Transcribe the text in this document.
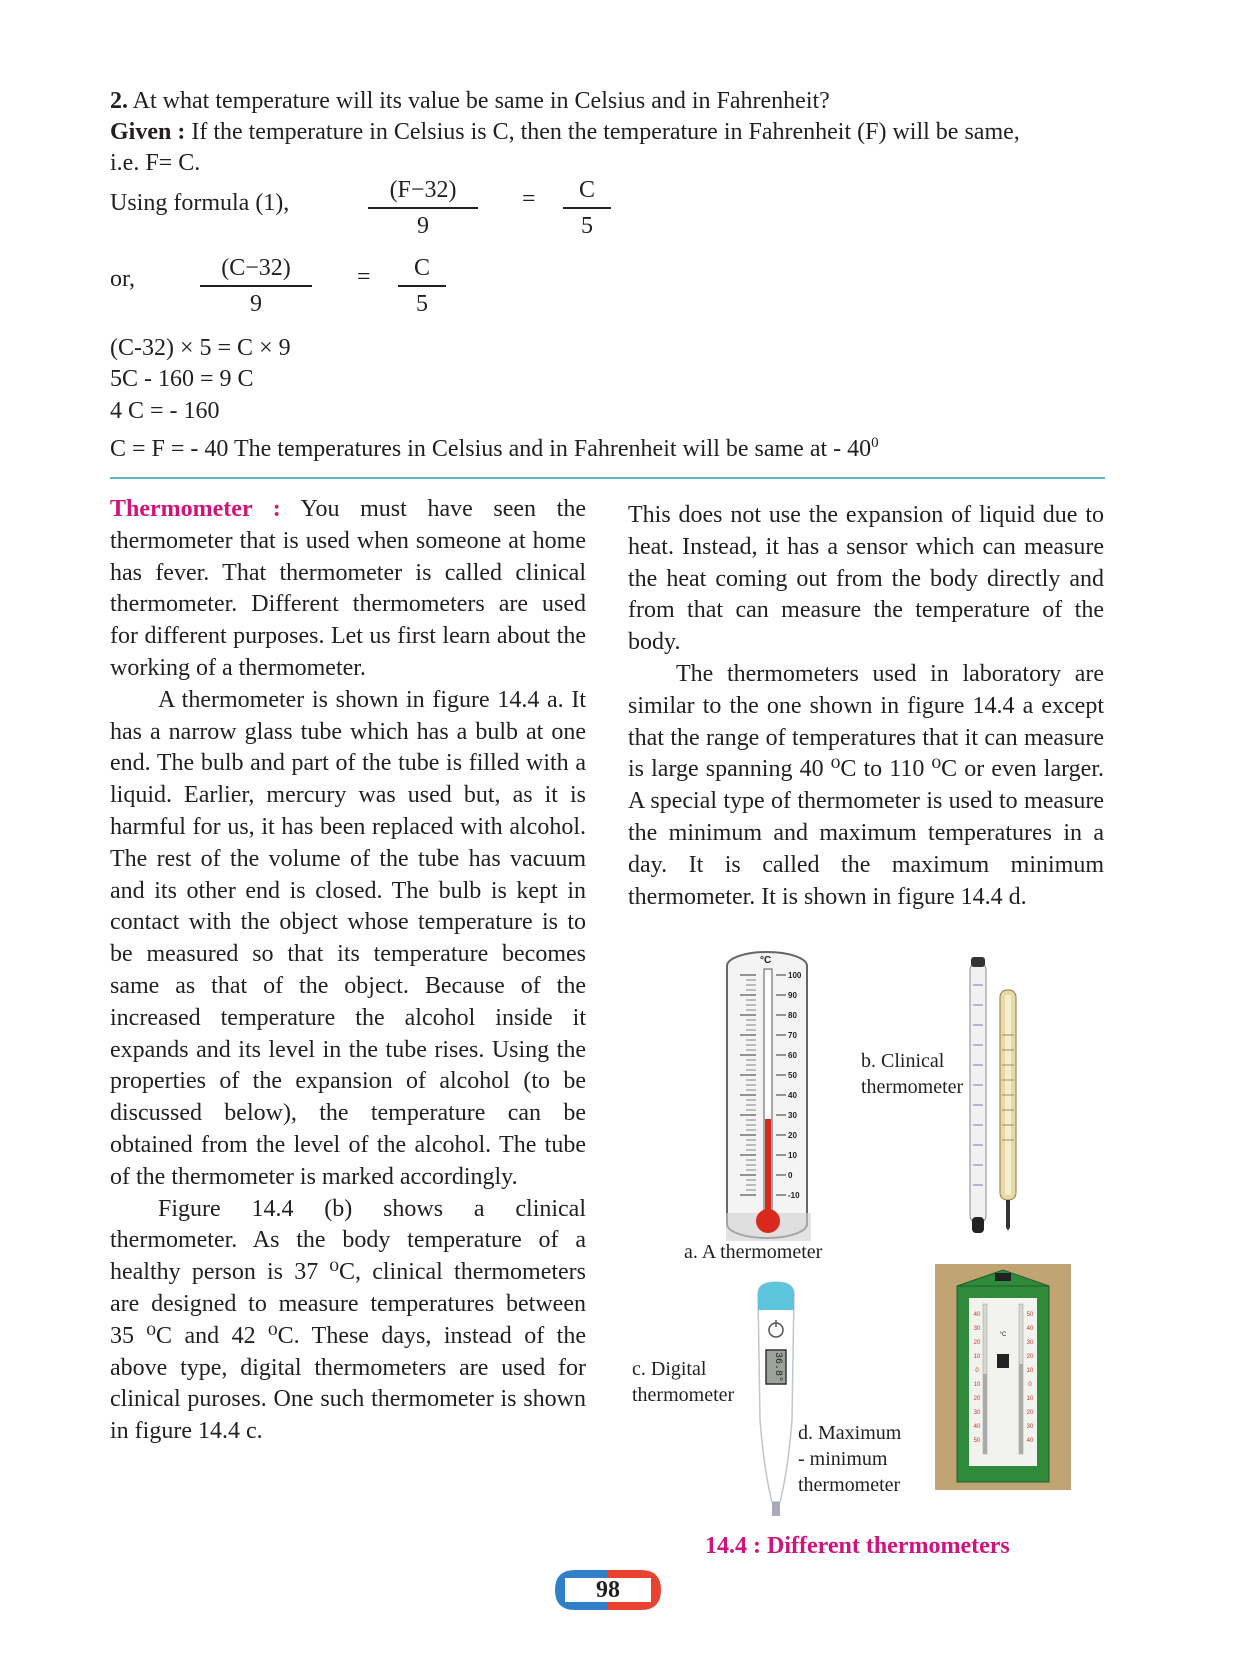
2. At what temperature will its value be same in Celsius and in Fahrenheit?
Given : If the temperature in Celsius is C, then the temperature in Fahrenheit (F) will be same,
i.e. F= C.
Using formula (1),	(F−32)
9
=	C
5
or,	(C−32)
9
=	C
5
(C-32) × 5 = C × 9
5C - 160 = 9 C
4 C = - 160
C = F = - 40 The temperatures in Celsius and in Fahrenheit will be same at - $40^0$

Thermometer : You must have seen the thermometer that is used when someone at home has fever. That thermometer is called clinical thermometer. Different thermometers are used for different purposes. Let us first learn about the working of a thermometer.

A thermometer is shown in figure 14.4 a. It has a narrow glass tube which has a bulb at one end. The bulb and part of the tube is filled with a liquid. Earlier, mercury was used but, as it is harmful for us, it has been replaced with alcohol. The rest of the volume of the tube has vacuum and its other end is closed. The bulb is kept in contact with the object whose temperature is to be measured so that its temperature becomes same as that of the object. Because of the increased temperature the alcohol inside it expands and its level in the tube rises. Using the properties of the expansion of alcohol (to be discussed below), the temperature can be obtained from the level of the alcohol. The tube of the thermometer is marked accordingly.

Figure 14.4 (b) shows a clinical thermometer. As the body temperature of a healthy person is 37 ⁰C, clinical thermometers are designed to measure temperatures between 35 ⁰C and 42 ⁰C. These days, instead of the above type, digital thermometers are used for clinical puroses. One such thermometer is shown in figure 14.4 c.

This does not use the expansion of liquid due to heat. Instead, it has a sensor which can measure the heat coming out from the body directly and from that can measure the temperature of the body.

The thermometers used in laboratory are similar to the one shown in figure 14.4 a except that the range of temperatures that it can measure is large spanning 40 ⁰C to 110 ⁰C or even larger. A special type of thermometer is used to measure the minimum and maximum temperatures in a day. It is called the maximum minimum thermometer. It is shown in figure 14.4 d.

°C
100
90
80
70
60
50
40
30
20
10
0
-10
a. A thermometer
b. Clinical
thermometer
36.8°
c. Digital
thermometer
40
30
20
10
0
10
20
30
40
50
50
40
30
20
10
0
10
20
30
40
°C
d. Maximum
- minimum
thermometer
14.4 : Different thermometers
98
